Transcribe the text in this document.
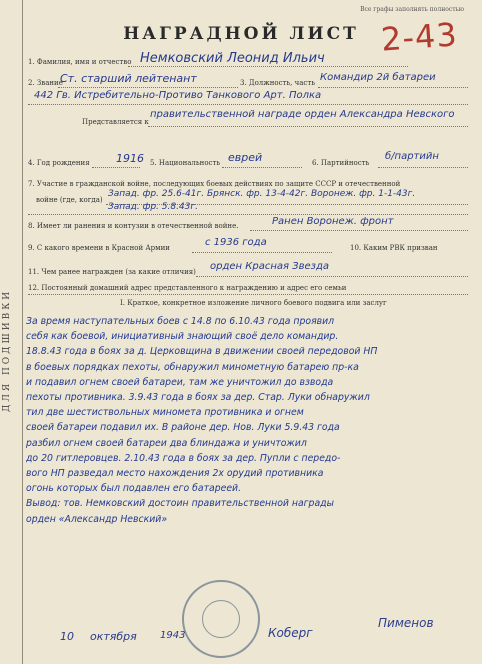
ДЛЯ ПОДШИВКИ
Все графы заполнять полностью
2-43
НАГРАДНОЙ ЛИСТ
1. Фамилия, имя и отчество Немковский Леонид Ильич
2. Звание
Ст. старший лейтенант	3. Должность, часть Командир 2й батареи
442 Гв. Истребительно-Противо Танкового Арт. Полка
Представляется к
правительственной награде орден Александра Невского
4. Год рождения 1916 5. Национальность еврей	6. Партийность
б/партийн
7. Участие в гражданской войне, последующих боевых действиях по защите СССР и отечественной
войне (где, когда)
Запад. фр. 25.6-41г. Брянск. фр. 13-4-42г. Воронеж. фр. 1-1-43г.
Запад. фр. 5.8.43г.
8. Имеет ли ранения и контузии в отечественной войне.	Ранен Воронеж. фронт
9. С какого времени в Красной Армии	с 1936 года	10. Каким РВК призван
11. Чем ранее награжден (за какие отличия) орден Красная Звезда
12. Постоянный домашний адрес представленного к награждению и адрес его семьи
I. Краткое, конкретное изложение личного боевого подвига или заслуг
За время наступательных боев с 14.8 по 6.10.43 года проявил
себя как боевой, инициативный знающий своё дело командир.
18.8.43 года в боях за д. Церковщина в движении своей передовой НП
в боевых порядках пехоты, обнаружил минометную батарею пр-ка
и подавил огнем своей батареи, там же уничтожил до взвода
пехоты противника. 3.9.43 года в боях за дер. Стар. Луки обнаружил
тил две шестиствольных миномета противника и огнем
своей батареи подавил их. В районе дер. Нов. Луки 5.9.43 года
разбил огнем своей батареи два блиндажа и уничтожил
до 20 гитлеровцев. 2.10.43 года в боях за дер. Пупли с передо-
вого НП разведал место нахождения 2х орудий противника
огонь которых был подавлен его батареей.
Вывод: тов. Немковский достоин правительственной награды
орден «Александр Невский»
10 октября 1943	Коберг
Пименов
